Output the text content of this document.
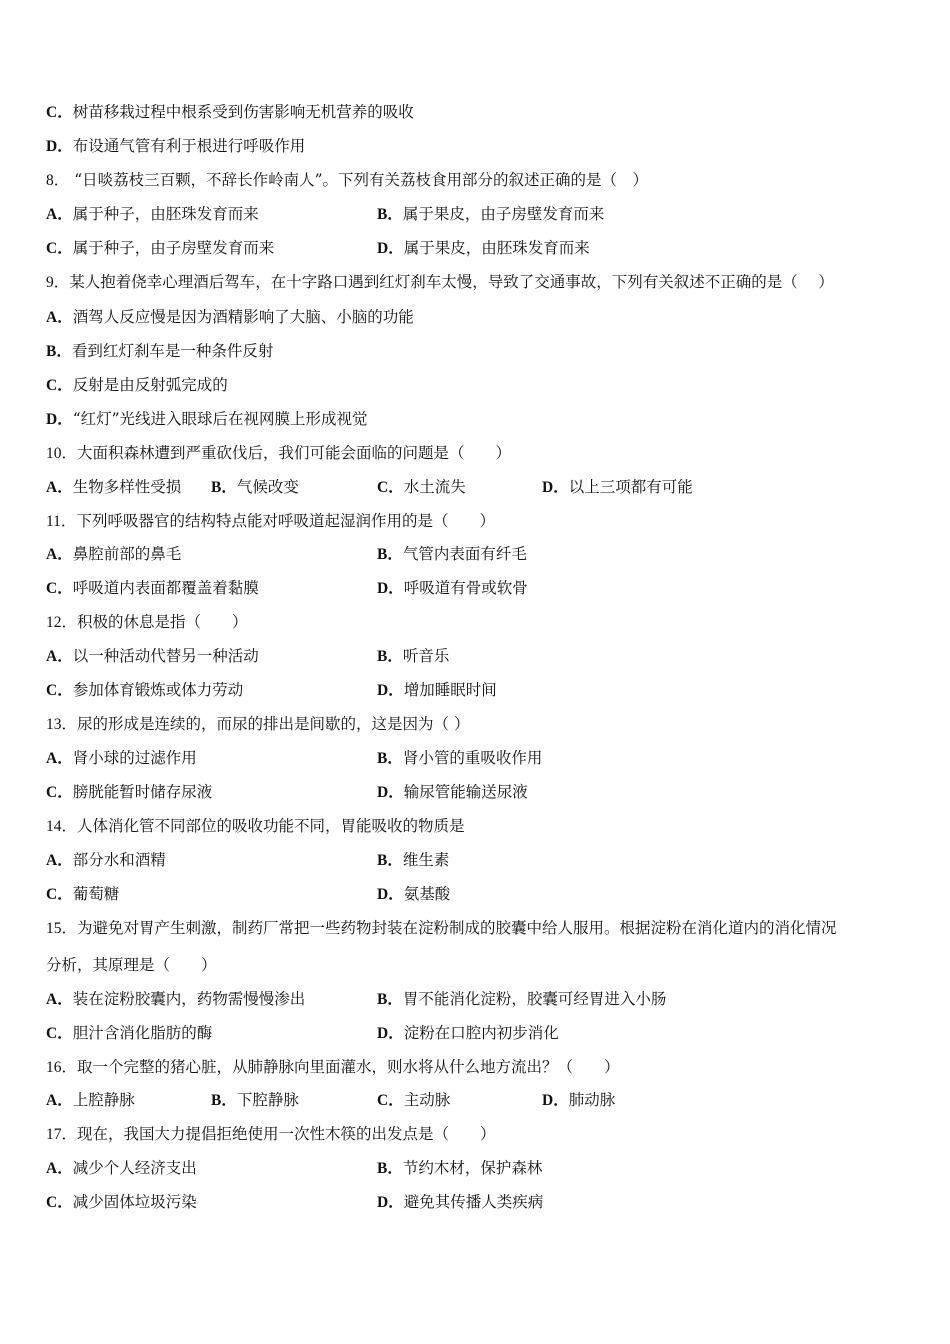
C．树苗移栽过程中根系受到伤害影响无机营养的吸收
D．布设通气管有利于根进行呼吸作用
8． “日啖荔枝三百颗，不辞长作岭南人”。下列有关荔枝食用部分的叙述正确的是（　）
A．属于种子，由胚珠发育而来	B．属于果皮，由子房壁发育而来
C．属于种子，由子房壁发育而来	D．属于果皮，由胚珠发育而来
9．某人抱着侥幸心理酒后驾车，在十字路口遇到红灯刹车太慢，导致了交通事故，下列有关叙述不正确的是（　 ）
A．酒驾人反应慢是因为酒精影响了大脑、小脑的功能
B．看到红灯刹车是一种条件反射
C．反射是由反射弧完成的
D．“红灯”光线进入眼球后在视网膜上形成视觉
10．大面积森林遭到严重砍伐后，我们可能会面临的问题是（　　）
A．生物多样性受损 B．气候改变	C．水土流失	D．以上三项都有可能
11．下列呼吸器官的结构特点能对呼吸道起湿润作用的是（　　）
A．鼻腔前部的鼻毛	B．气管内表面有纤毛
C．呼吸道内表面都覆盖着黏膜	D．呼吸道有骨或软骨
12．积极的休息是指（　　）
A．以一种活动代替另一种活动	B．听音乐
C．参加体育锻炼或体力劳动	D．增加睡眠时间
13．尿的形成是连续的，而尿的排出是间歇的，这是因为（ ）
A．肾小球的过滤作用	B．肾小管的重吸收作用
C．膀胱能暂时储存尿液	D．输尿管能输送尿液
14．人体消化管不同部位的吸收功能不同，胃能吸收的物质是
A．部分水和酒精	B．维生素
C．葡萄糖	D．氨基酸
15．为避免对胃产生刺激，制药厂常把一些药物封装在淀粉制成的胶囊中给人服用。根据淀粉在消化道内的消化情况
分析，其原理是（　　）
A．装在淀粉胶囊内，药物需慢慢渗出	B．胃不能消化淀粉，胶囊可经胃进入小肠
C．胆汁含消化脂肪的酶	D．淀粉在口腔内初步消化
16．取一个完整的猪心脏，从肺静脉向里面灌水，则水将从什么地方流出？（　　）
A．上腔静脉	B．下腔静脉	C．主动脉	D．肺动脉
17．现在，我国大力提倡拒绝使用一次性木筷的出发点是（　　）
A．减少个人经济支出	B．节约木材，保护森林
C．减少固体垃圾污染	D．避免其传播人类疾病
